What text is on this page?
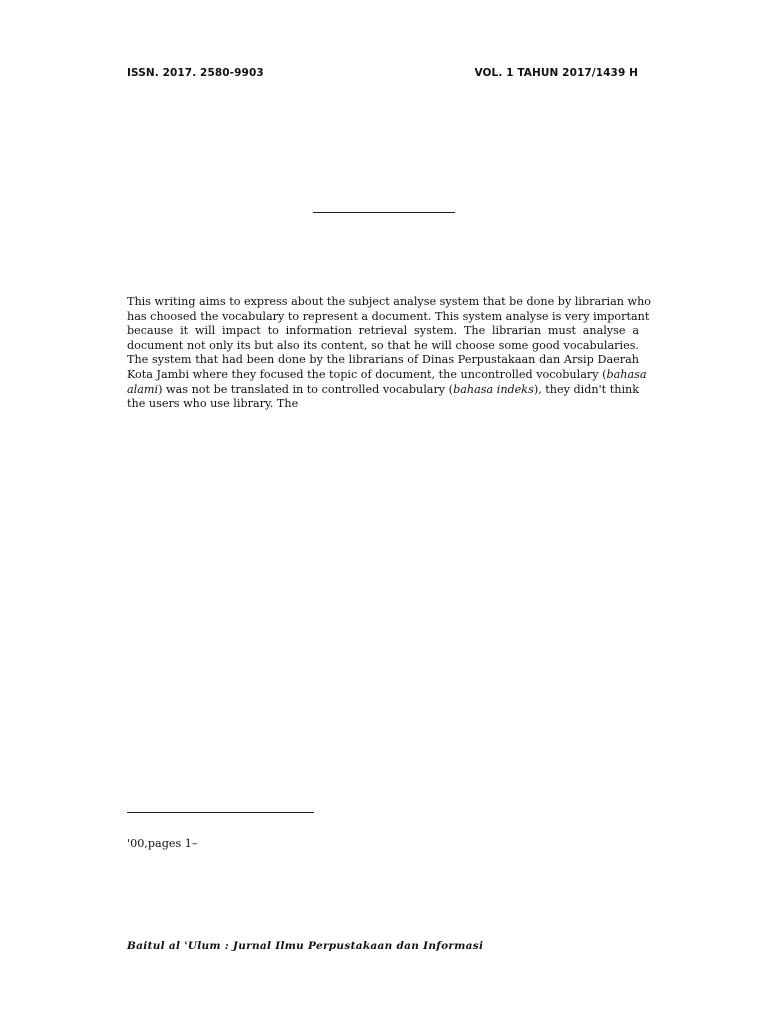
ISSN. 2017. 2580-9903	VOL. 1 TAHUN 2017/1439 H
This writing aims to express about the subject analyse system that be done by librarian who
has choosed the vocabulary to represent a document. This system analyse is very important
because it will impact to information retrieval system. The librarian must analyse a
document not only its but also its content, so that he will choose some good vocabularies.
The system that had been done by the librarians of Dinas Perpustakaan dan Arsip Daerah
Kota Jambi where they focused the topic of document, the uncontrolled vocobulary (bahasa
alami) was not be translated in to controlled vocabulary (bahasa indeks), they didn't think
the users who use library. The
'00,pages 1–
Baitul al 'Ulum : Jurnal Ilmu Perpustakaan dan Informasi
